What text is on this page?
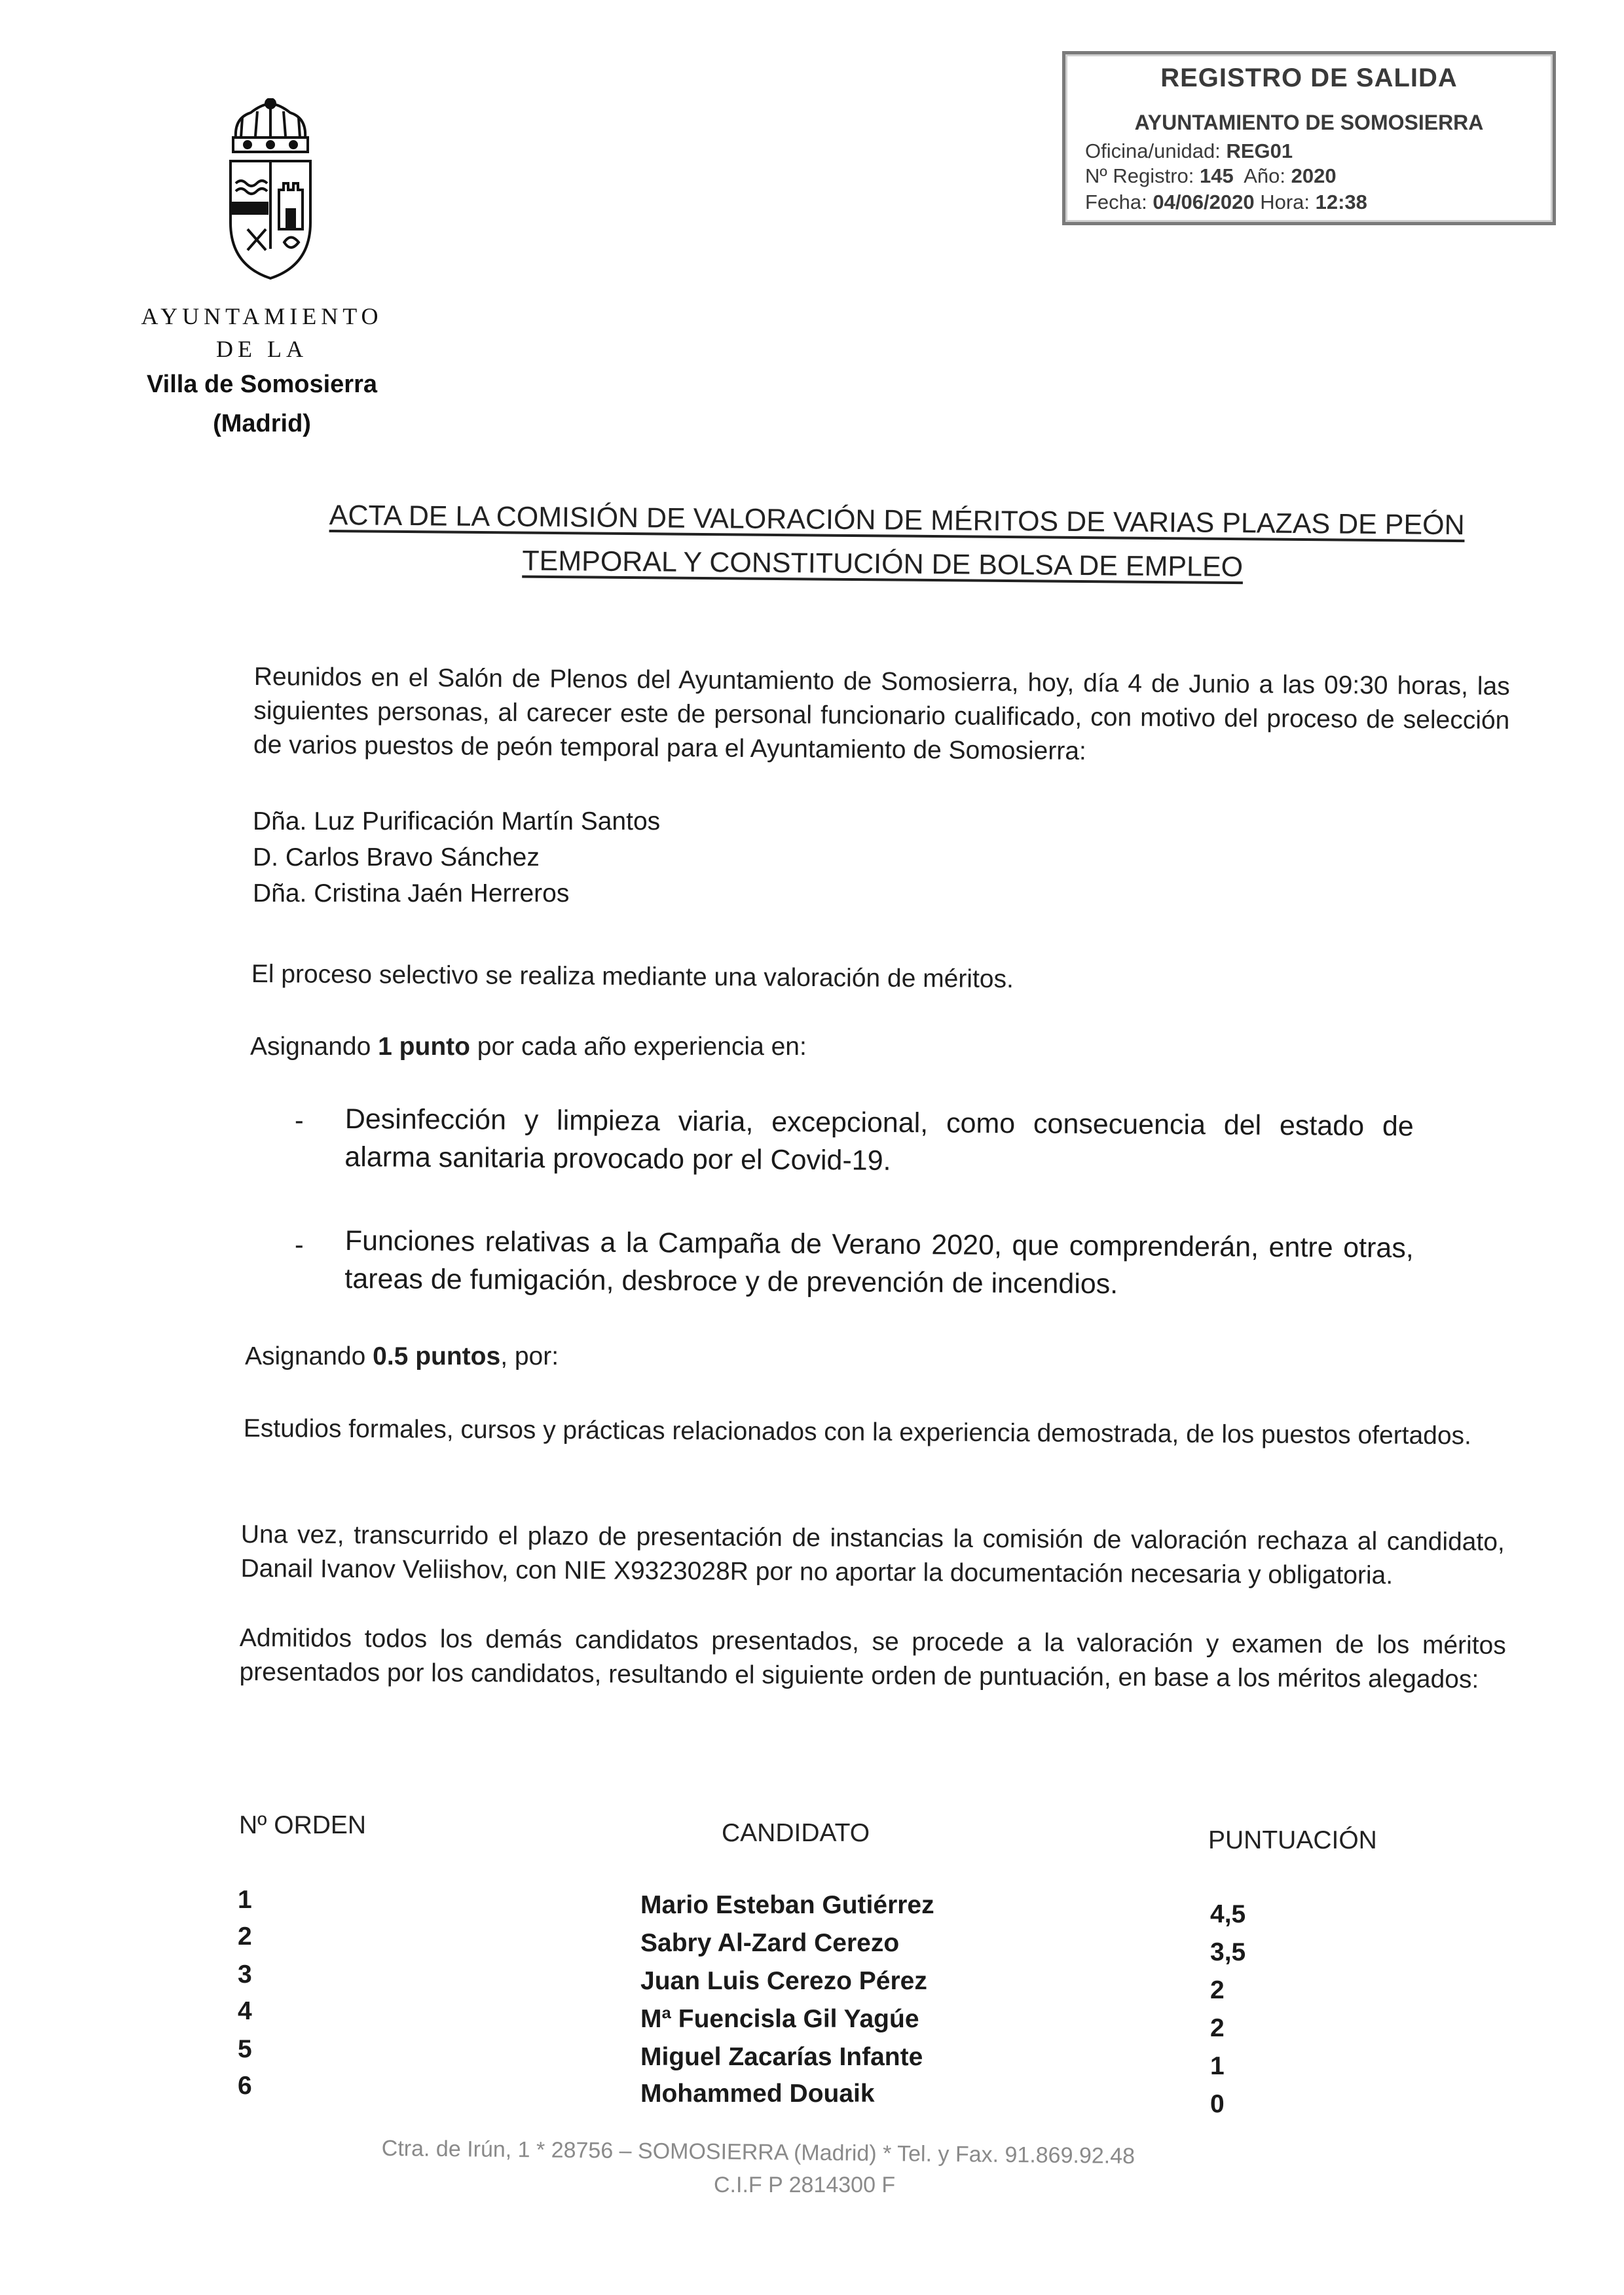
AYUNTAMIENTO
DE LA
Villa de Somosierra
(Madrid)
REGISTRO DE SALIDA
AYUNTAMIENTO DE SOMOSIERRA
Oficina/unidad: REG01
Nº Registro: 145 Año: 2020
Fecha: 04/06/2020 Hora: 12:38
ACTA DE LA COMISIÓN DE VALORACIÓN DE MÉRITOS DE VARIAS PLAZAS DE PEÓN
TEMPORAL Y CONSTITUCIÓN DE BOLSA DE EMPLEO
Reunidos en el Salón de Plenos del Ayuntamiento de Somosierra, hoy, día 4 de Junio a las 09:30 horas, las siguientes personas, al carecer este de personal funcionario cualificado, con motivo del proceso de selección de varios puestos de peón temporal para el Ayuntamiento de Somosierra:
Dña. Luz Purificación Martín Santos
D. Carlos Bravo Sánchez
Dña. Cristina Jaén Herreros
El proceso selectivo se realiza mediante una valoración de méritos.
Asignando 1 punto por cada año experiencia en:
- Desinfección y limpieza viaria, excepcional, como consecuencia del estado de alarma sanitaria provocado por el Covid-19.
- Funciones relativas a la Campaña de Verano 2020, que comprenderán, entre otras, tareas de fumigación, desbroce y de prevención de incendios.
Asignando 0.5 puntos, por:
Estudios formales, cursos y prácticas relacionados con la experiencia demostrada, de los puestos ofertados.
Una vez, transcurrido el plazo de presentación de instancias la comisión de valoración rechaza al candidato, Danail Ivanov Veliishov, con NIE X9323028R por no aportar la documentación necesaria y obligatoria.
Admitidos todos los demás candidatos presentados, se procede a la valoración y examen de los méritos presentados por los candidatos, resultando el siguiente orden de puntuación, en base a los méritos alegados:
Nº ORDEN	CANDIDATO	PUNTUACIÓN
1	Mario Esteban Gutiérrez	4,5
2	Sabry Al-Zard Cerezo	3,5
3	Juan Luis Cerezo Pérez	2
4	Mª Fuencisla Gil Yagúe	2
5	Miguel Zacarías Infante	1
6	Mohammed Douaik	0
Ctra. de Irún, 1 * 28756 – SOMOSIERRA (Madrid) * Tel. y Fax. 91.869.92.48
C.I.F P 2814300 F
